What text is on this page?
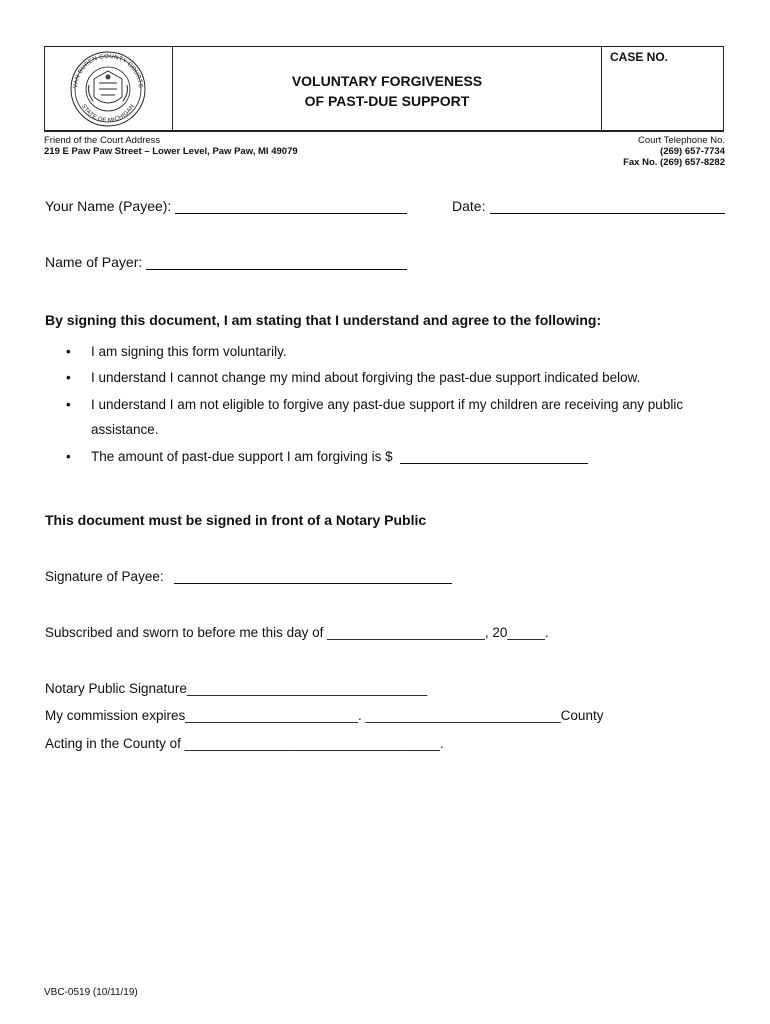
VAN BUREN COUNTY COURTS
STATE OF MICHIGAN
VOLUNTARY FORGIVENESS
OF PAST-DUE SUPPORT
CASE NO.
Friend of the Court Address
219 E Paw Paw Street – Lower Level, Paw Paw, MI 49079
Court Telephone No.
(269) 657-7734
Fax No. (269) 657-8282
Your Name (Payee):	Date:
Name of Payer:
By signing this document, I am stating that I understand and agree to the following:
• I am signing this form voluntarily.
• I understand I cannot change my mind about forgiving the past-due support indicated below.
• I understand I am not eligible to forgive any past-due support if my children are receiving any public
assistance.
• The amount of past-due support I am forgiving is $
This document must be signed in front of a Notary Public
Signature of Payee:
Subscribed and sworn to before me this day of _____________________, 20_____.
Notary Public Signature________________________________
My commission expires_______________________. __________________________County
Acting in the County of __________________________________.
VBC-0519 (10/11/19)
